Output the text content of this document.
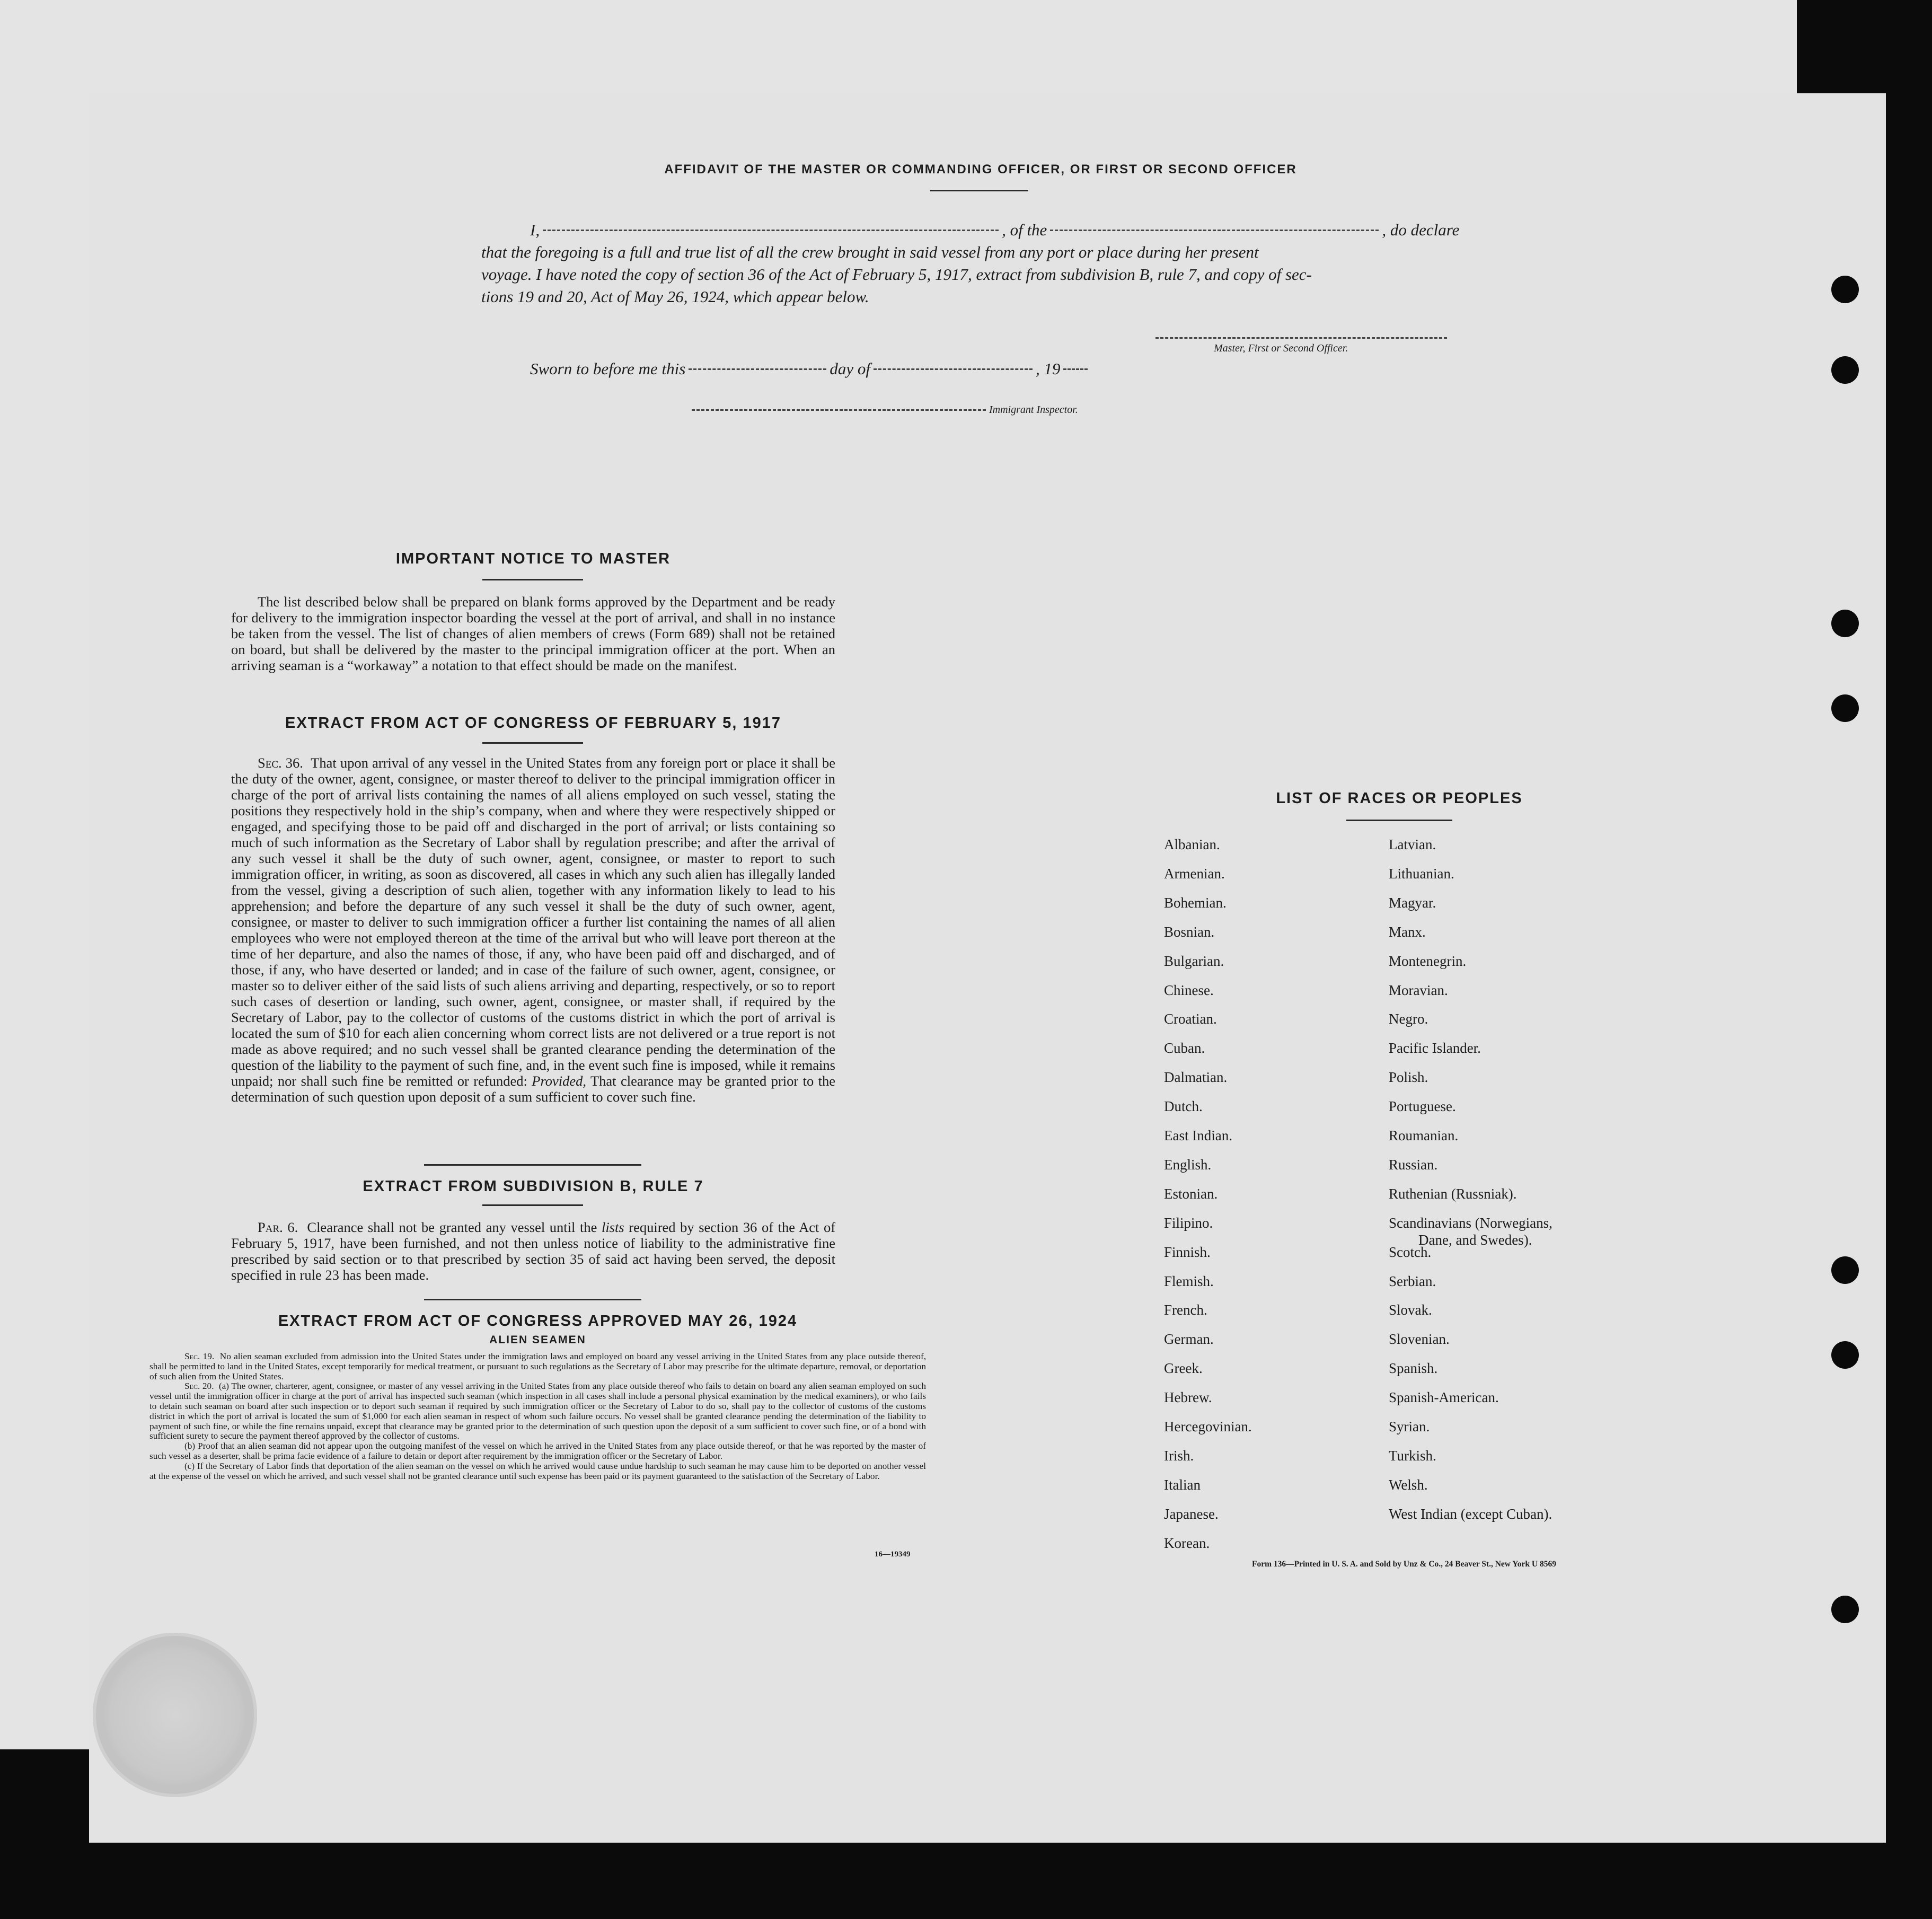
AFFIDAVIT OF THE MASTER OR COMMANDING OFFICER, OR FIRST OR SECOND OFFICER
I,	, of the	, do declare
that the foregoing is a full and true list of all the crew brought in said vessel from any port or place during her present
voyage. I have noted the copy of section 36 of the Act of February 5, 1917, extract from subdivision B, rule 7, and copy of sec-
tions 19 and 20, Act of May 26, 1924, which appear below.
Master, First or Second Officer.
Sworn to before me this	day of	, 19
Immigrant Inspector.
IMPORTANT NOTICE TO MASTER

The list described below shall be prepared on blank forms approved by the Department and be ready for delivery to the immigration inspector boarding the vessel at the port of arrival, and shall in no instance be taken from the vessel. The list of changes of alien members of crews (Form 689) shall not be retained on board, but shall be delivered by the master to the principal immigration officer at the port. When an arriving seaman is a “workaway” a notation to that effect should be made on the manifest.

EXTRACT FROM ACT OF CONGRESS OF FEBRUARY 5, 1917

Sec. 36. That upon arrival of any vessel in the United States from any foreign port or place it shall be the duty of the owner, agent, consignee, or master thereof to deliver to the principal immigration officer in charge of the port of arrival lists containing the names of all aliens employed on such vessel, stating the positions they respectively hold in the ship’s company, when and where they were respectively shipped or engaged, and specifying those to be paid off and discharged in the port of arrival; or lists containing so much of such information as the Secretary of Labor shall by regulation prescribe; and after the arrival of any such vessel it shall be the duty of such owner, agent, consignee, or master to report to such immigration officer, in writing, as soon as discovered, all cases in which any such alien has illegally landed from the vessel, giving a description of such alien, together with any information likely to lead to his apprehension; and before the departure of any such vessel it shall be the duty of such owner, agent, consignee, or master to deliver to such immigration officer a further list containing the names of all alien employees who were not employed thereon at the time of the arrival but who will leave port thereon at the time of her departure, and also the names of those, if any, who have been paid off and discharged, and of those, if any, who have deserted or landed; and in case of the failure of such owner, agent, consignee, or master so to deliver either of the said lists of such aliens arriving and departing, respectively, or so to report such cases of desertion or landing, such owner, agent, consignee, or master shall, if required by the Secretary of Labor, pay to the collector of customs of the customs district in which the port of arrival is located the sum of $10 for each alien concerning whom correct lists are not delivered or a true report is not made as above required; and no such vessel shall be granted clearance pending the determination of the question of the liability to the payment of such fine, and, in the event such fine is imposed, while it remains unpaid; nor shall such fine be remitted or refunded: Provided, That clearance may be granted prior to the determination of such question upon deposit of a sum sufficient to cover such fine.

EXTRACT FROM SUBDIVISION B, RULE 7

Par. 6. Clearance shall not be granted any vessel until the lists required by section 36 of the Act of February 5, 1917, have been furnished, and not then unless notice of liability to the administrative fine prescribed by said section or to that prescribed by section 35 of said act having been served, the deposit specified in rule 23 has been made.

EXTRACT FROM ACT OF CONGRESS APPROVED MAY 26, 1924
ALIEN SEAMEN

Sec. 19. No alien seaman excluded from admission into the United States under the immigration laws and employed on board any vessel arriving in the United States from any place outside thereof, shall be permitted to land in the United States, except temporarily for medical treatment, or pursuant to such regulations as the Secretary of Labor may prescribe for the ultimate departure, removal, or deportation of such alien from the United States.

Sec. 20. (a) The owner, charterer, agent, consignee, or master of any vessel arriving in the United States from any place outside thereof who fails to detain on board any alien seaman employed on such vessel until the immigration officer in charge at the port of arrival has inspected such seaman (which inspection in all cases shall include a personal physical examination by the medical examiners), or who fails to detain such seaman on board after such inspection or to deport such seaman if required by such immigration officer or the Secretary of Labor to do so, shall pay to the collector of customs of the customs district in which the port of arrival is located the sum of $1,000 for each alien seaman in respect of whom such failure occurs. No vessel shall be granted clearance pending the determination of the liability to payment of such fine, or while the fine remains unpaid, except that clearance may be granted prior to the determination of such question upon the deposit of a sum sufficient to cover such fine, or of a bond with sufficient surety to secure the payment thereof approved by the collector of customs.

(b) Proof that an alien seaman did not appear upon the outgoing manifest of the vessel on which he arrived in the United States from any place outside thereof, or that he was reported by the master of such vessel as a deserter, shall be prima facie evidence of a failure to detain or deport after requirement by the immigration officer or the Secretary of Labor.

(c) If the Secretary of Labor finds that deportation of the alien seaman on the vessel on which he arrived would cause undue hardship to such seaman he may cause him to be deported on another vessel at the expense of the vessel on which he arrived, and such vessel shall not be granted clearance until such expense has been paid or its payment guaranteed to the satisfaction of the Secretary of Labor.

16—19349
LIST OF RACES OR PEOPLES
Albanian.
Armenian.
Bohemian.
Bosnian.
Bulgarian.
Chinese.
Croatian.
Cuban.
Dalmatian.
Dutch.
East Indian.
English.
Estonian.
Filipino.
Finnish.
Flemish.
French.
German.
Greek.
Hebrew.
Hercegovinian.
Irish.
Italian
Japanese.
Korean.
Latvian.
Lithuanian.
Magyar.
Manx.
Montenegrin.
Moravian.
Negro.
Pacific Islander.
Polish.
Portuguese.
Roumanian.
Russian.
Ruthenian (Russniak).
Scandinavians (Norwegians,
Dane, and Swedes).
Scotch.
Serbian.
Slovak.
Slovenian.
Spanish.
Spanish-American.
Syrian.
Turkish.
Welsh.
West Indian (except Cuban).
Form 136—Printed in U. S. A. and Sold by Unz & Co., 24 Beaver St., New York U 8569
